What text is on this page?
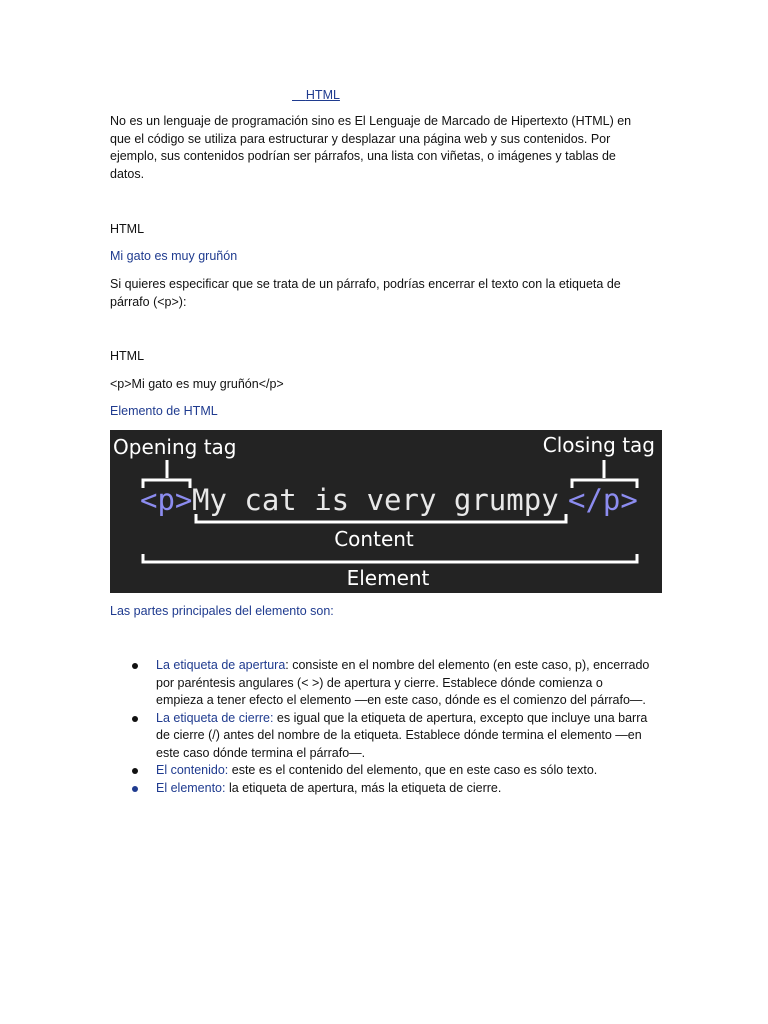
HTML

No es un lenguaje de programación sino es El Lenguaje de Marcado de Hipertexto (HTML) en que el código se utiliza para estructurar y desplazar una página web y sus contenidos. Por ejemplo, sus contenidos podrían ser párrafos, una lista con viñetas, o imágenes y tablas de datos.

HTML

Mi gato es muy gruñón

Si quieres especificar que se trata de un párrafo, podrías encerrar el texto con la etiqueta de párrafo (<p>):

HTML

<p>Mi gato es muy gruñón</p>

Elemento de HTML

Opening tag	Closing tag
<p> My cat is very grumpy </p>
Content
Element

Las partes principales del elemento son:

La etiqueta de apertura: consiste en el nombre del elemento (en este caso, p), encerrado por paréntesis angulares (< >) de apertura y cierre. Establece dónde comienza o empieza a tener efecto el elemento —en este caso, dónde es el comienzo del párrafo—.
La etiqueta de cierre: es igual que la etiqueta de apertura, excepto que incluye una barra de cierre (/) antes del nombre de la etiqueta. Establece dónde termina el elemento —en este caso dónde termina el párrafo—.
El contenido: este es el contenido del elemento, que en este caso es sólo texto.
El elemento: la etiqueta de apertura, más la etiqueta de cierre.
